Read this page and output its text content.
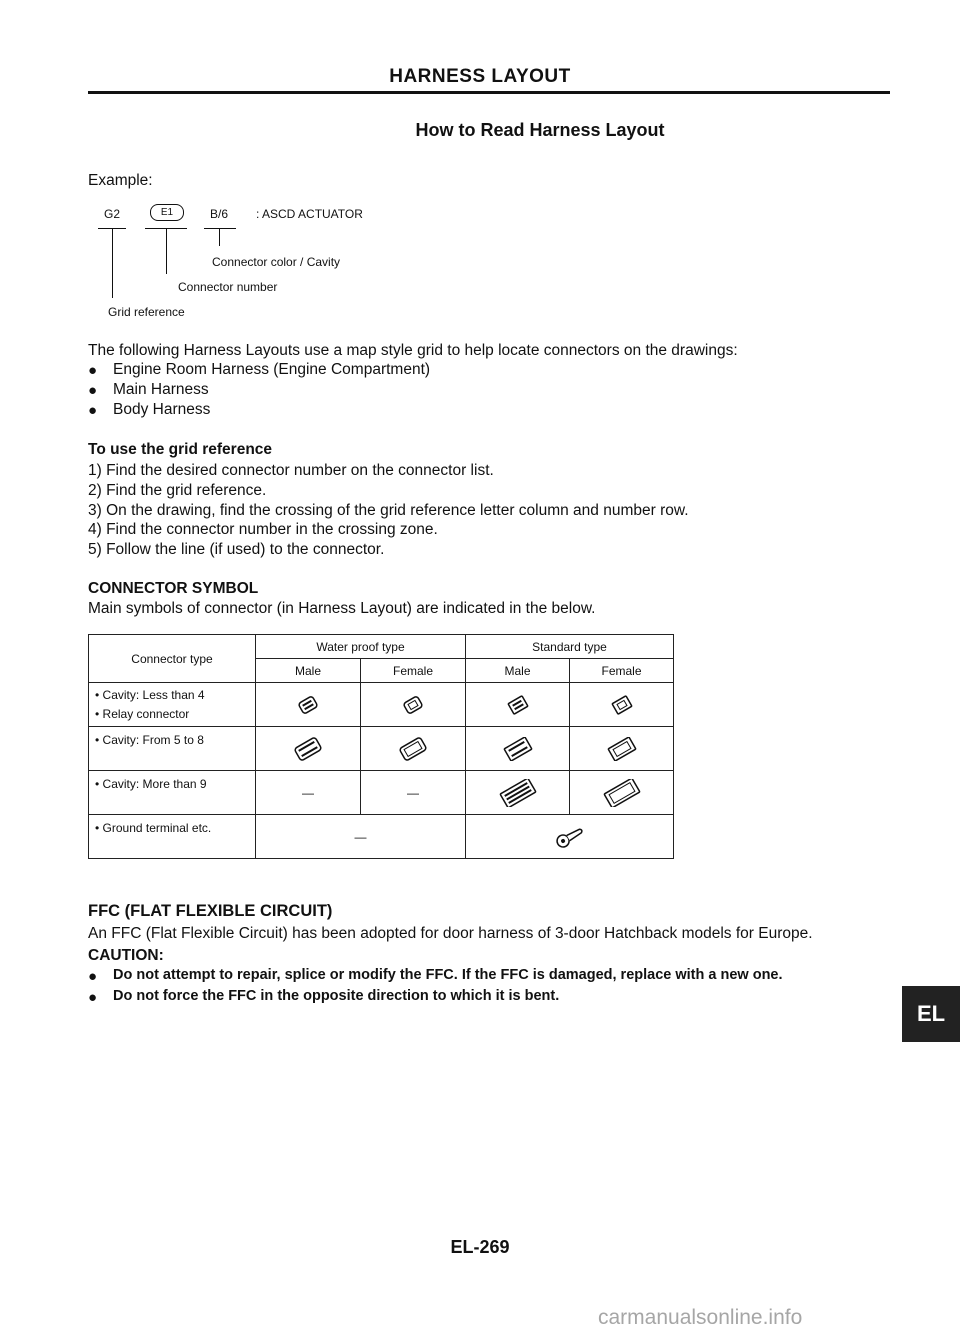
HARNESS LAYOUT
How to Read Harness Layout
Example:
G2	E1	B/6 : ASCD ACTUATOR
Connector color / Cavity
Connector number
Grid reference
The following Harness Layouts use a map style grid to help locate connectors on the drawings:
● Engine Room Harness (Engine Compartment)
● Main Harness
● Body Harness
To use the grid reference
1) Find the desired connector number on the connector list.
2) Find the grid reference.
3) On the drawing, find the crossing of the grid reference letter column and number row.
4) Find the connector number in the crossing zone.
5) Follow the line (if used) to the connector.
CONNECTOR SYMBOL
Main symbols of connector (in Harness Layout) are indicated in the below.
Connector type	Water proof type		Standard type	
	Male	Female	Male	Female

• Cavity: Less than 4
• Relay connector

• Cavity: From 5 to 8

• Cavity: More than 9	—	—	

• Ground terminal etc.	—	
FFC (FLAT FLEXIBLE CIRCUIT)
An FFC (Flat Flexible Circuit) has been adopted for door harness of 3-door Hatchback models for Europe.
CAUTION:
● Do not attempt to repair, splice or modify the FFC. If the FFC is damaged, replace with a new one.
● Do not force the FFC in the opposite direction to which it is bent.
EL
EL-269
carmanualsonline.info
